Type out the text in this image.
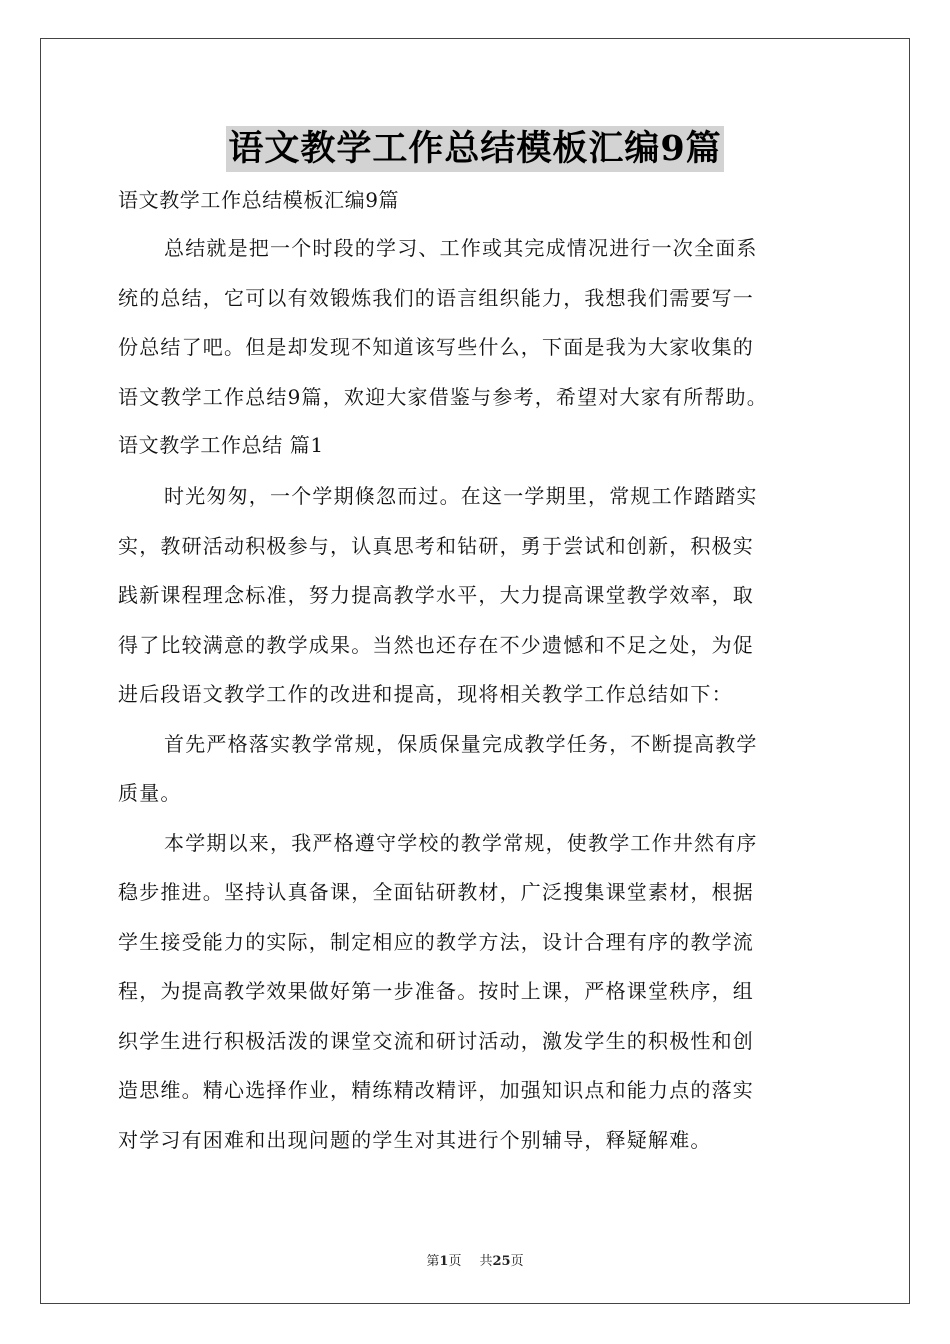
语文教学工作总结模板汇编9篇
语文教学工作总结模板汇编9篇
总结就是把一个时段的学习、工作或其完成情况进行一次全面系
统的总结，它可以有效锻炼我们的语言组织能力，我想我们需要写一
份总结了吧。但是却发现不知道该写些什么，下面是我为大家收集的
语文教学工作总结9篇，欢迎大家借鉴与参考，希望对大家有所帮助。
语文教学工作总结 篇1
时光匆匆，一个学期倏忽而过。在这一学期里，常规工作踏踏实
实，教研活动积极参与，认真思考和钻研，勇于尝试和创新，积极实
践新课程理念标准，努力提高教学水平，大力提高课堂教学效率，取
得了比较满意的教学成果。当然也还存在不少遗憾和不足之处，为促
进后段语文教学工作的改进和提高，现将相关教学工作总结如下：
首先严格落实教学常规，保质保量完成教学任务，不断提高教学
质量。
本学期以来，我严格遵守学校的教学常规，使教学工作井然有序
稳步推进。坚持认真备课，全面钻研教材，广泛搜集课堂素材，根据
学生接受能力的实际，制定相应的教学方法，设计合理有序的教学流
程，为提高教学效果做好第一步准备。按时上课，严格课堂秩序，组
织学生进行积极活泼的课堂交流和研讨活动，激发学生的积极性和创
造思维。精心选择作业，精练精改精评，加强知识点和能力点的落实
对学习有困难和出现问题的学生对其进行个别辅导，释疑解难。
第1页 共25页
